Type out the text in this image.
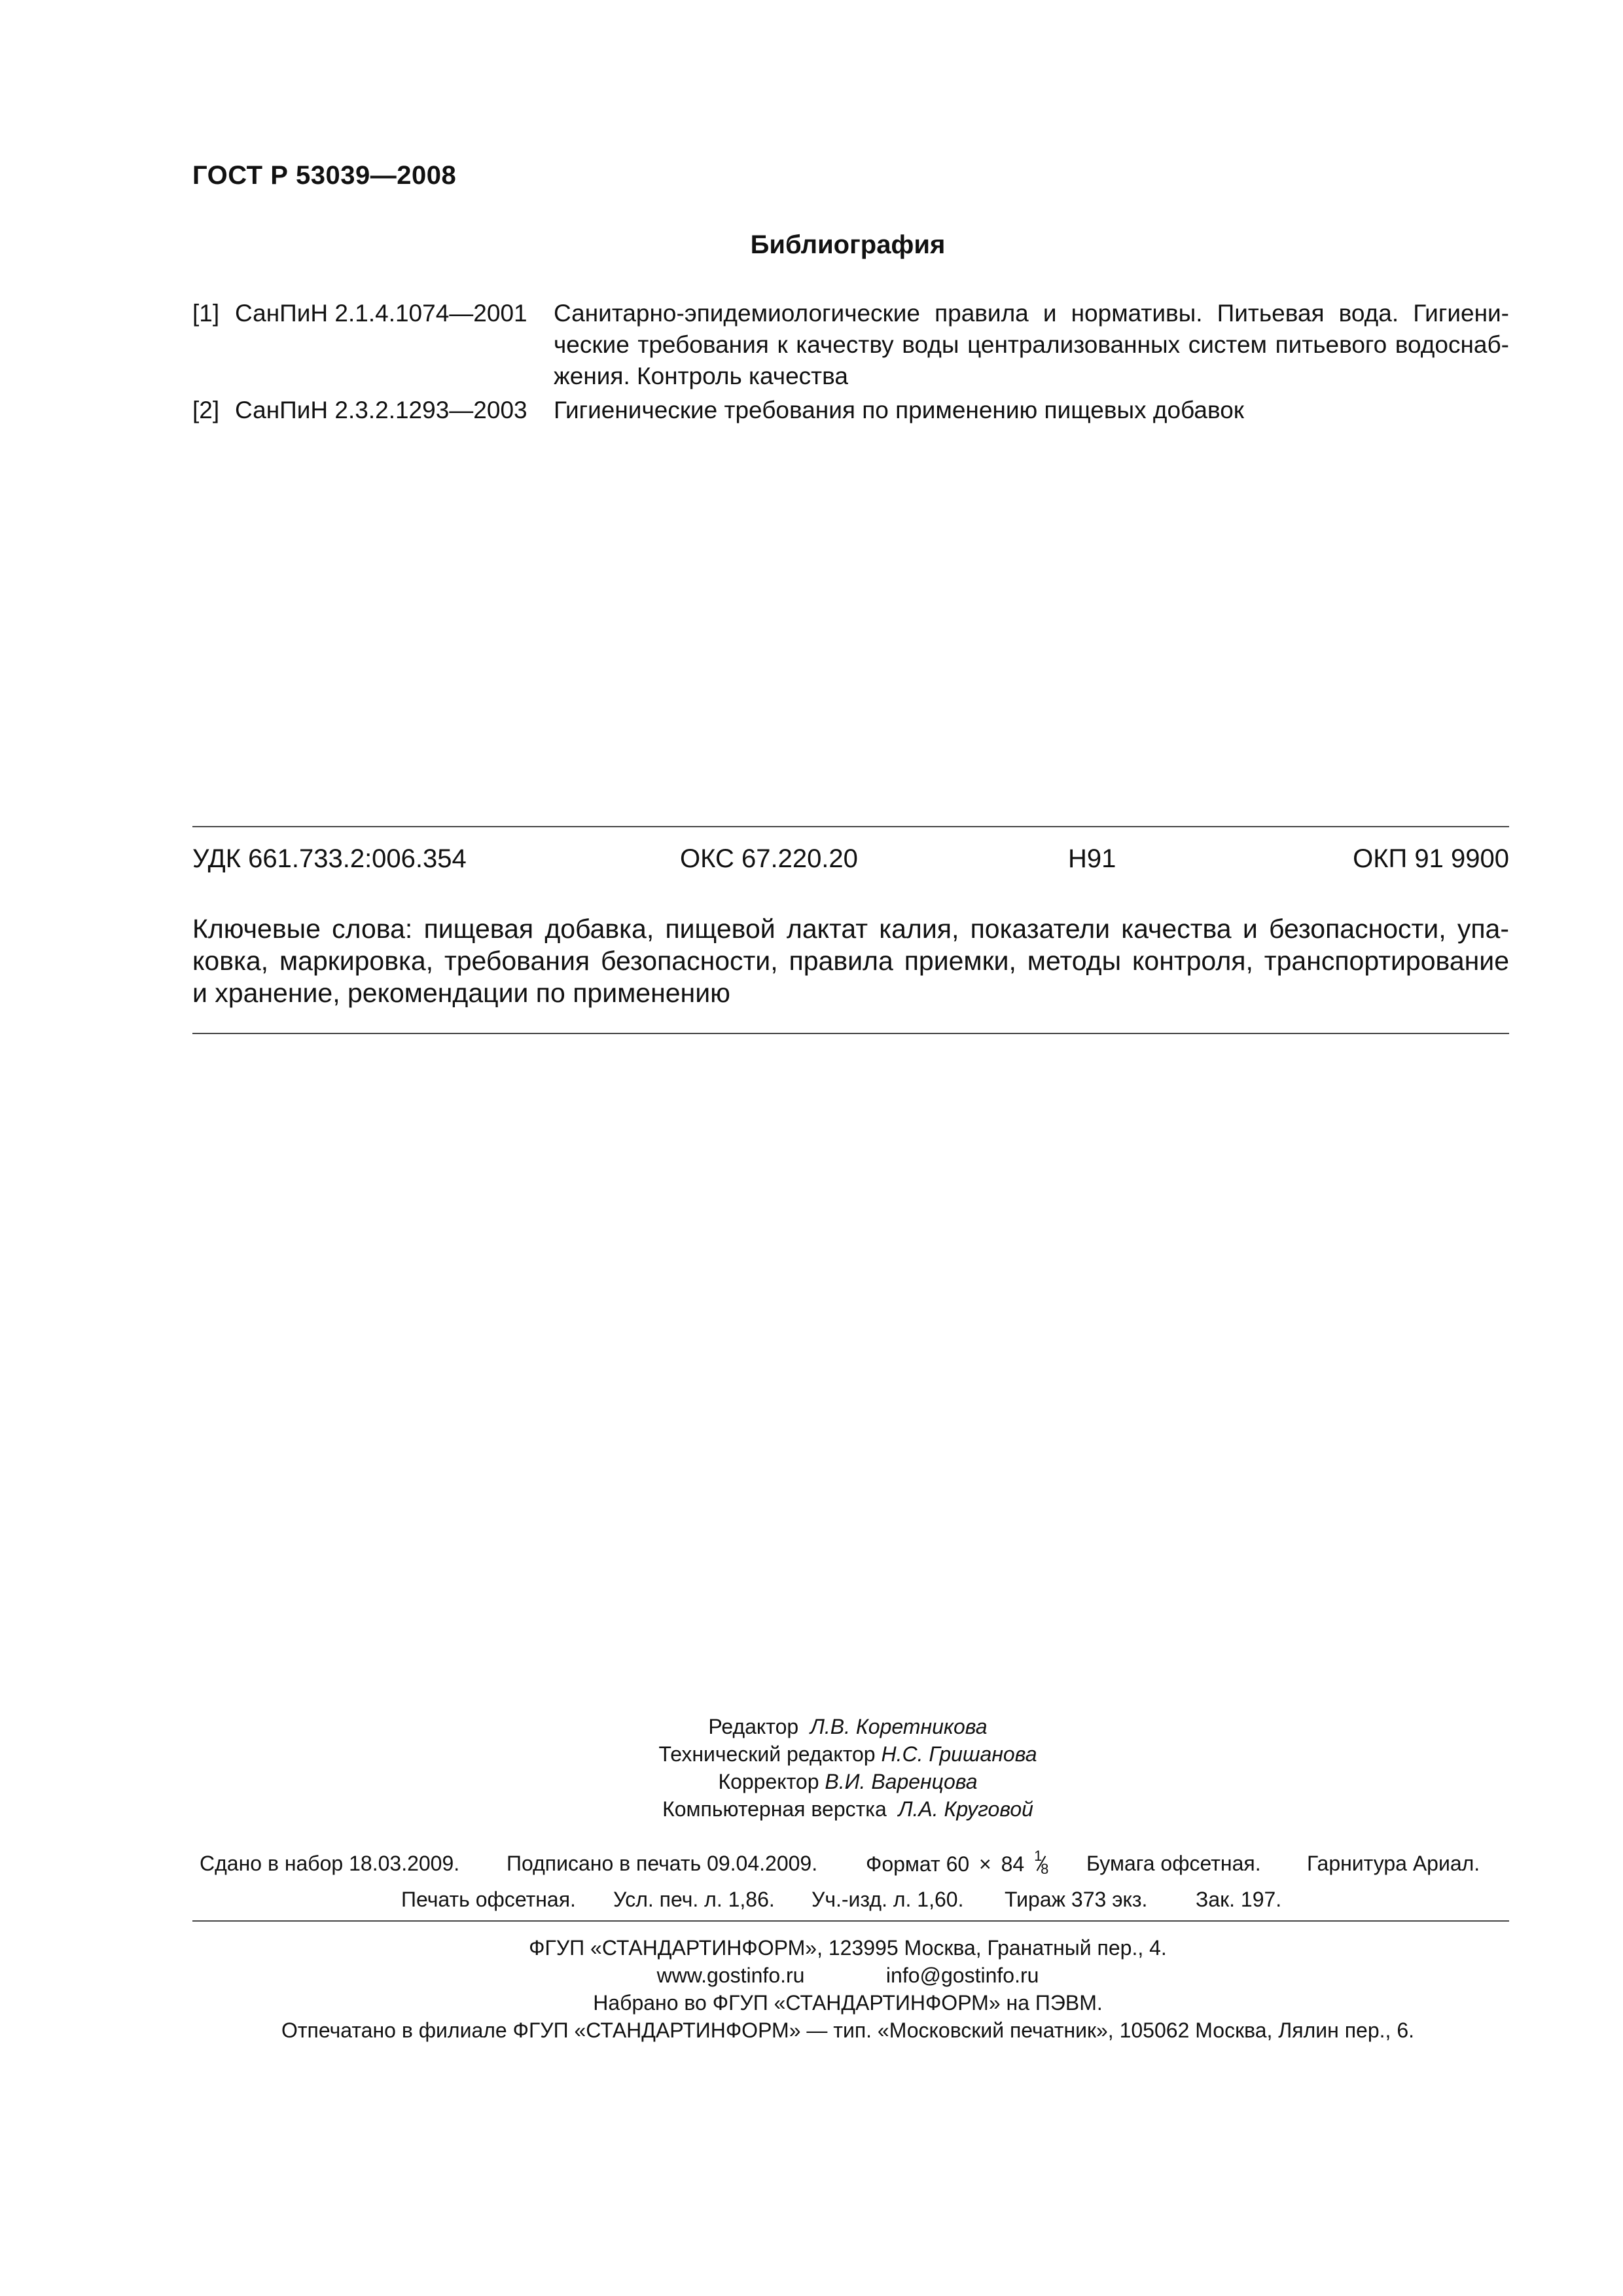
ГОСТ Р 53039—2008
Библиография
[1] СанПиН 2.1.4.1074—2001 Санитарно-эпидемиологические правила и нормативы. Питьевая вода. Гигиени-
ческие требования к качеству воды централизованных систем питьевого водоснаб-
жения. Контроль качества
[2] СанПиН 2.3.2.1293—2003 Гигиенические требования по применению пищевых добавок
УДК 661.733.2:006.354	ОКС 67.220.20	Н91	ОКП 91 9900
Ключевые слова: пищевая добавка, пищевой лактат калия, показатели качества и безопасности, упа-
ковка, маркировка, требования безопасности, правила приемки, методы контроля, транспортирование
и хранение, рекомендации по применению
Редактор Л.В. Коретникова
Технический редактор Н.С. Гришанова
Корректор В.И. Варенцова
Компьютерная верстка Л.А. Круговой
Сдано в набор 18.03.2009. Подписано в печать 09.04.2009. Формат 60 × 84 1
8 Бумага офсетная. Гарнитура Ариал.
Печать офсетная. Усл. печ. л. 1,86. Уч.-изд. л. 1,60. Тираж 373 экз. Зак. 197.
ФГУП «СТАНДАРТИНФОРМ», 123995 Москва, Гранатный пер., 4.
www.gostinfo.ru	info@gostinfo.ru
Набрано во ФГУП «СТАНДАРТИНФОРМ» на ПЭВМ.
Отпечатано в филиале ФГУП «СТАНДАРТИНФОРМ» — тип. «Московский печатник», 105062 Москва, Лялин пер., 6.
